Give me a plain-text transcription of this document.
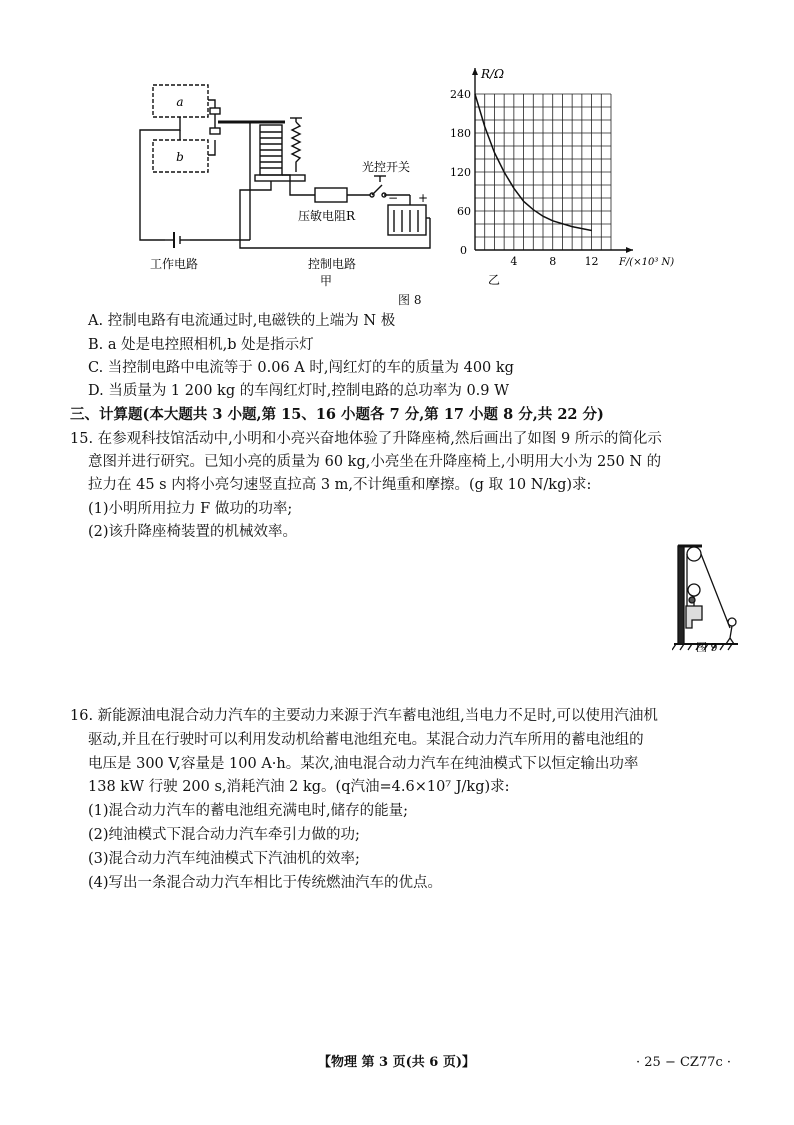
a
b
光控开关
压敏电阻R
− +
工作电路	控制电路
甲
0
4	8	12
60
120
180
240
R/Ω
F/(×10³ N)
乙
图 8
A. 控制电路有电流通过时,电磁铁的上端为 N 极
B. a 处是电控照相机,b 处是指示灯
C. 当控制电路中电流等于 0.06 A 时,闯红灯的车的质量为 400 kg
D. 当质量为 1 200 kg 的车闯红灯时,控制电路的总功率为 0.9 W
三、计算题(本大题共 3 小题,第 15、16 小题各 7 分,第 17 小题 8 分,共 22 分)
15. 在参观科技馆活动中,小明和小亮兴奋地体验了升降座椅,然后画出了如图 9 所示的简化示
意图并进行研究。已知小亮的质量为 60 kg,小亮坐在升降座椅上,小明用大小为 250 N 的
拉力在 45 s 内将小亮匀速竖直拉高 3 m,不计绳重和摩擦。(g 取 10 N/kg)求:
(1)小明所用拉力 F 做功的功率;
(2)该升降座椅装置的机械效率。
图 9
16. 新能源油电混合动力汽车的主要动力来源于汽车蓄电池组,当电力不足时,可以使用汽油机
驱动,并且在行驶时可以利用发动机给蓄电池组充电。某混合动力汽车所用的蓄电池组的
电压是 300 V,容量是 100 A·h。某次,油电混合动力汽车在纯油模式下以恒定输出功率
138 kW 行驶 200 s,消耗汽油 2 kg。(q汽油=4.6×10⁷ J/kg)求:
(1)混合动力汽车的蓄电池组充满电时,储存的能量;
(2)纯油模式下混合动力汽车牵引力做的功;
(3)混合动力汽车纯油模式下汽油机的效率;
(4)写出一条混合动力汽车相比于传统燃油汽车的优点。
【物理 第 3 页(共 6 页)】	· 25 − CZ77c ·
